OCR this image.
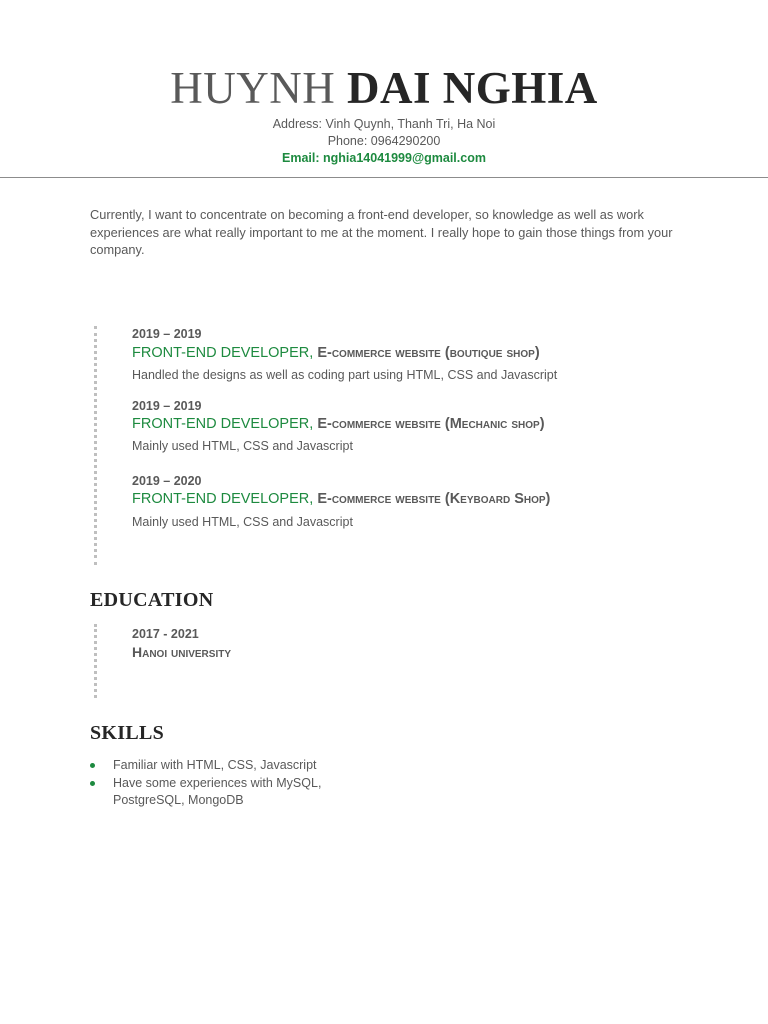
HUYNH DAI NGHIA

Address: Vinh Quynh, Thanh Tri, Ha Noi

Phone: 0964290200

Email: nghia14041999@gmail.com

Currently, I want to concentrate on becoming a front-end developer, so knowledge as well as work experiences are what really important to me at the moment. I really hope to gain those things from your company.

2019 – 2019

FRONT-END DEVELOPER, E-commerce website (boutique shop)

Handled the designs as well as coding part using HTML, CSS and Javascript

2019 – 2019

FRONT-END DEVELOPER, E-commerce website (Mechanic shop)

Mainly used HTML, CSS and Javascript

2019 – 2020

FRONT-END DEVELOPER, E-commerce website (Keyboard Shop)

Mainly used HTML, CSS and Javascript

EDUCATION

2017 - 2021

Hanoi university

SKILLS
Familiar with HTML, CSS, Javascript
Have some experiences with MySQL, PostgreSQL, MongoDB
